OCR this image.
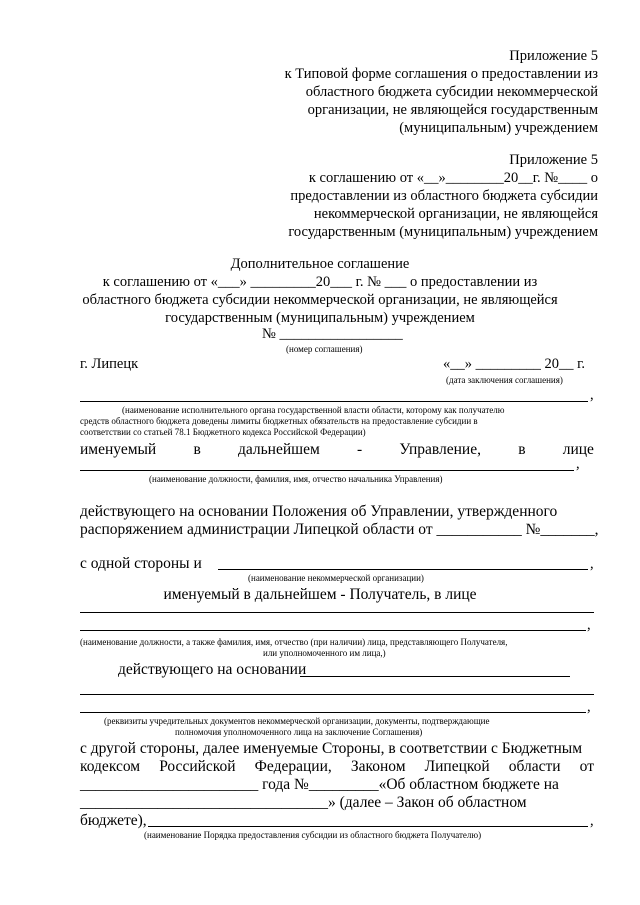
Приложение 5
к Типовой форме соглашения о предоставлении из
областного бюджета субсидии некоммерческой
организации, не являющейся государственным
(муниципальным) учреждением
Приложение 5
к соглашению от «__»________20__г. №____ о
предоставлении из областного бюджета субсидии
некоммерческой организации, не являющейся
государственным (муниципальным) учреждением
Дополнительное соглашение
к соглашению от «___» _________20___ г. № ___ о предоставлении из
областного бюджета субсидии некоммерческой организации, не являющейся
государственным (муниципальным) учреждением
№ _________________
(номер соглашения)
г. Липецк	«__» _________ 20__ г.
(дата заключения соглашения)
,
(наименование исполнительного органа государственной власти области, которому как получателю
средств областного бюджета доведены лимиты бюджетных обязательств на предоставление субсидии в
соответствии со статьей 78.1 Бюджетного кодекса Российской Федерации)
именуемый в дальнейшем - Управление, в лице
,
(наименование должности, фамилия, имя, отчество начальника Управления)
действующего на основании Положения об Управлении, утвержденного
распоряжением администрации Липецкой области от ___________ №_______,
с одной стороны и	,
(наименование некоммерческой организации)
именуемый в дальнейшем - Получатель, в лице
,
(наименование должности, а также фамилия, имя, отчество (при наличии) лица, представляющего Получателя,
или уполномоченного им лица,)
действующего на основании
,
(реквизиты учредительных документов некоммерческой организации, документы, подтверждающие
полномочия уполномоченного лица на заключение Соглашения)
с другой стороны, далее именуемые Стороны, в соответствии с Бюджетным
кодексом Российской Федерации, Законом Липецкой области от
_______________________ года №_________«Об областном бюджете на
________________________________» (далее – Закон об областном
бюджете),	,
(наименование Порядка предоставления субсидии из областного бюджета Получателю)
